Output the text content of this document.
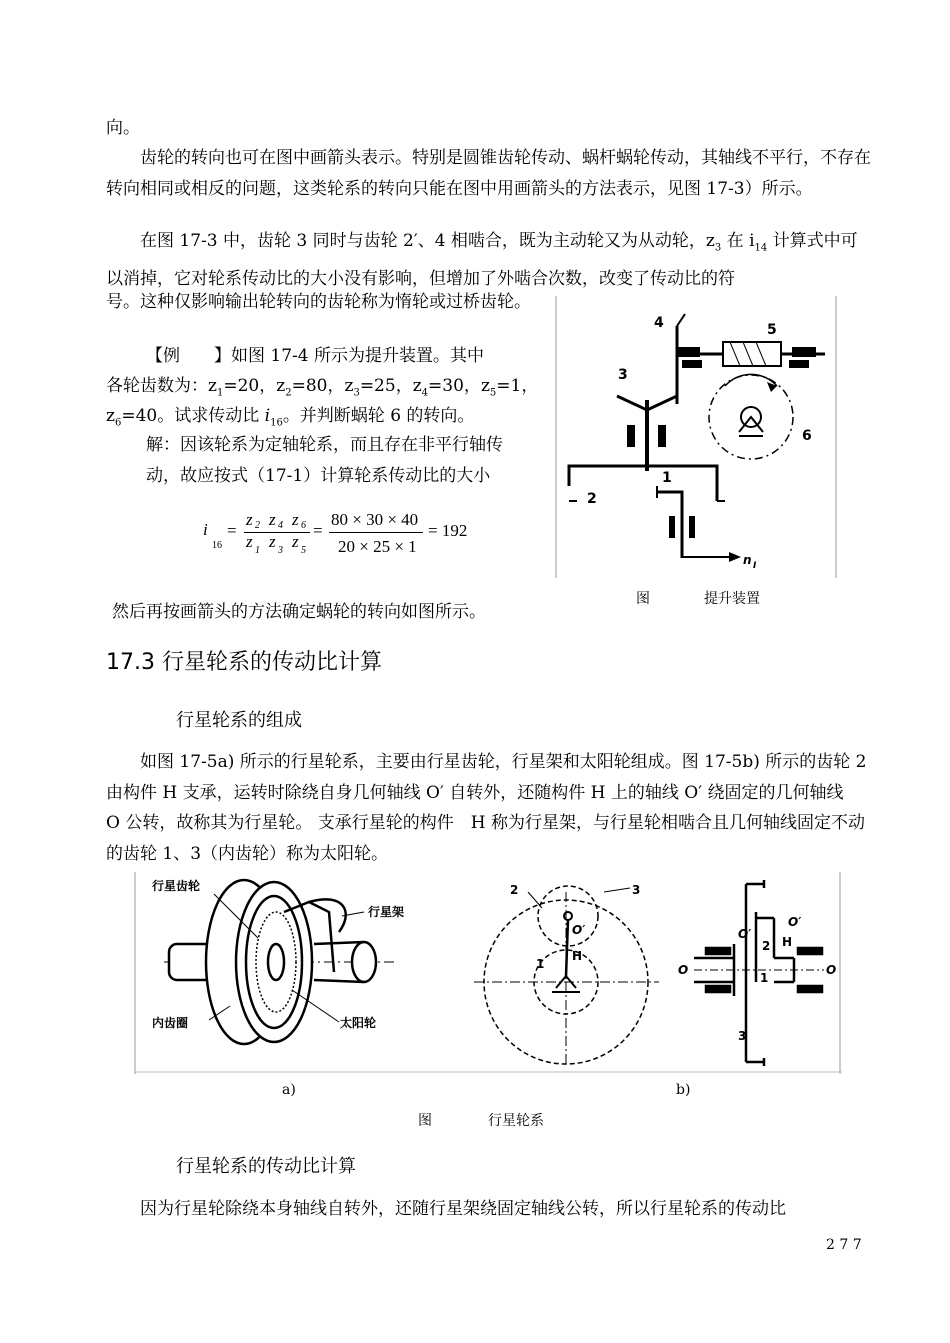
向。
齿轮的转向也可在图中画箭头表示。特别是圆锥齿轮传动、蜗杆蜗轮传动，其轴线不平行，不存在转向相同或相反的问题，这类轮系的转向只能在图中用画箭头的方法表示，见图 17-3）所示。
在图 17-3 中，齿轮 3 同时与齿轮 2′、4 相啮合，既为主动轮又为从动轮，$z_3$ 在 $i_{14}$ 计算式中可以消掉，它对轮系传动比的大小没有影响，但增加了外啮合次数，改变了传动比的符
号。这种仅影响输出轮转向的齿轮称为惰轮或过桥齿轮。
【例　　】如图 17-4 所示为提升装置。其中
各轮齿数为：$z_1=20$，$z_2=80$，$z_3=25$，$z_4=30$，$z_5=1$，
$z_6=40$。试求传动比 $i_{16}$。并判断蜗轮 6 的转向。
解：因该轮系为定轴轮系，而且存在非平行轴传动，故应按式（17-1）计算轮系传动比的大小
i
16
=
z 2 z 4 z 6
z 1 z 3 z 5
=
80 × 30 × 40
20 × 25 × 1
= 192
4	5
3
6
2
1
n I
图	提升装置
然后再按画箭头的方法确定蜗轮的转向如图所示。
17.3 行星轮系的传动比计算
行星轮系的组成
如图 17-5a) 所示的行星轮系，主要由行星齿轮，行星架和太阳轮组成。图 17-5b) 所示的齿轮 2 由构件 H 支承，运转时除绕自身几何轴线 O′ 自转外，还随构件 H 上的轴线 O′ 绕固定的几何轴线　O 公转，故称其为行星轮。 支承行星轮的构件　H 称为行星架，与行星轮相啮合且几何轴线固定不动的齿轮 1、3（内齿轮）称为太阳轮。
行星齿轮
行星架
内齿圈	太阳轮
2	3
O′
H
1
O′
H
2
O	O
1
3
O′
a)	b)
图	行星轮系
行星轮系的传动比计算
因为行星轮除绕本身轴线自转外，还随行星架绕固定轴线公转，所以行星轮系的传动比
2 7 7
